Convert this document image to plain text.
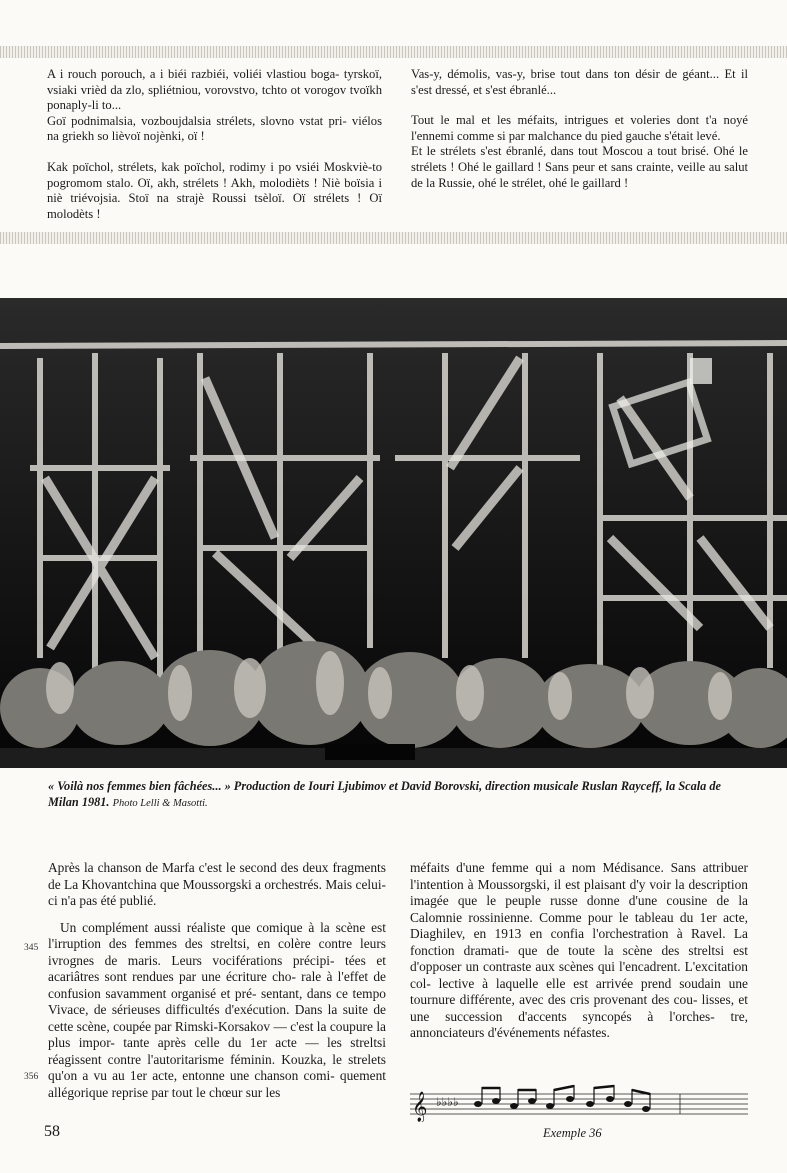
A i rouch porouch, a i biéi razbiéi, voliéi vlastiou boga- tyrskoï, vsiaki vrièd da zlo, spliétniou, vorovstvo, tchto ot vorogov tvoïkh ponaply-li to...

Goï podnimalsia, vozboujdalsia strélets, slovno vstat pri- viélos na griekh so lièvoï nojènki, oï !

Kak poïchol, strélets, kak poïchol, rodimy i po vsiéi Moskviè-to pogromom stalo. Oï, akh, strélets ! Akh, molodièts ! Niè boïsia i niè triévojsia. Stoï na strajè Roussi tsèloï. Oï strélets ! Oï molodèts !

Vas-y, démolis, vas-y, brise tout dans ton désir de géant... Et il s'est dressé, et s'est ébranlé...

Tout le mal et les méfaits, intrigues et voleries dont t'a noyé l'ennemi comme si par malchance du pied gauche s'était levé.

Et le strélets s'est ébranlé, dans tout Moscou a tout brisé. Ohé le strélets ! Ohé le gaillard ! Sans peur et sans crainte, veille au salut de la Russie, ohé le strélet, ohé le gaillard !

« Voilà nos femmes bien fâchées... » Production de Iouri Ljubimov et David Borovski, direction musicale Ruslan Rayceff, la Scala de Milan 1981. Photo Lelli & Masotti.

Après la chanson de Marfa c'est le second des deux fragments de La Khovantchina que Moussorgski a orchestrés. Mais celui-ci n'a pas été publié.

Un complément aussi réaliste que comique à la scène est l'irruption des femmes des streltsi, en colère contre leurs ivrognes de maris. Leurs vociférations précipi- tées et acariâtres sont rendues par une écriture cho- rale à l'effet de confusion savamment organisé et pré- sentant, dans ce tempo Vivace, de sérieuses difficultés d'exécution. Dans la suite de cette scène, coupée par Rimski-Korsakov — c'est la coupure la plus impor- tante après celle du 1er acte — les streltsi réagissent contre l'autoritarisme féminin. Kouzka, le strelets qu'on a vu au 1er acte, entonne une chanson comi- quement allégorique reprise par tout le chœur sur les

345
356

méfaits d'une femme qui a nom Médisance. Sans attribuer l'intention à Moussorgski, il est plaisant d'y voir la description imagée que le peuple russe donne d'une cousine de la Calomnie rossinienne. Comme pour le tableau du 1er acte, Diaghilev, en 1913 en confia l'orchestration à Ravel. La fonction dramati- que de toute la scène des streltsi est d'opposer un contraste aux scènes qui l'encadrent. L'excitation col- lective à laquelle elle est arrivée prend soudain une tournure différente, avec des cris provenant des cou- lisses, et une succession d'accents syncopés à l'orches- tre, annonciateurs d'événements néfastes.

𝄞 ♭♭♭♭
Exemple 36
58
